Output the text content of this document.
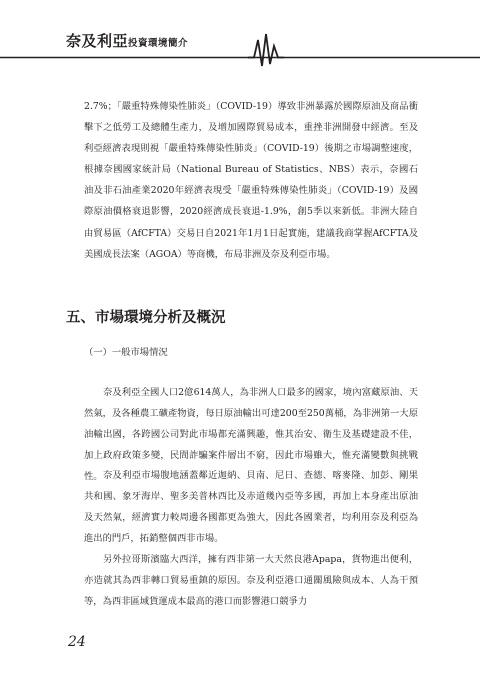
奈及利亞投資環境簡介
2.7%；「嚴重特殊傳染性肺炎」（COVID-19）導致非洲暴露於國際原油及商品衝擊下之低勞工及總體生產力，及增加國際貿易成本，重挫非洲開發中經濟。至及利亞經濟表現則視「嚴重特殊傳染性肺炎」（COVID-19）後期之市場調整速度，根據奈國國家統計局（National Bureau of Statistics、NBS）表示，奈國石油及非石油產業2020年經濟表現受「嚴重特殊傳染性肺炎」（COVID-19）及國際原油價格衰退影響，2020經濟成長衰退-1.9%，創5季以來新低。非洲大陸自由貿易區（AfCFTA）交易日自2021年1月1日起實施，建議我商掌握AfCFTA及美國成長法案（AGOA）等商機，布局非洲及奈及利亞市場。
五、市場環境分析及概況
（一）一般市場情況
奈及利亞全國人口2億614萬人，為非洲人口最多的國家，境內富藏原油、天然氣，及各種農工礦產物資，每日原油輸出可達200至250萬桶，為非洲第一大原油輸出國，各跨國公司對此市場都充滿興趣，惟其治安、衛生及基礎建設不佳，加上政府政策多變，民間詐騙案件層出不窮，因此市場雖大，惟充滿變數與挑戰性。 奈及利亞市場腹地涵蓋鄰近迦納、貝南、尼日、查德、喀麥隆、加彭、剛果共和國、象牙海岸、聖多美普林西比及赤道幾內亞等多國，再加上本身產出原油及天然氣，經濟實力較周邊各國都更為強大，因此各國業者，均利用奈及利亞為進出的門戶，拓銷整個西非市場。
另外拉哥斯濱臨大西洋，擁有西非第一大天然良港Apapa，貨物進出便利，亦造就其為西非轉口貿易重鎮的原因。奈及利亞港口通關風險與成本、人為干預等，為西非區域貨運成本最高的港口而影響港口競爭力
24
